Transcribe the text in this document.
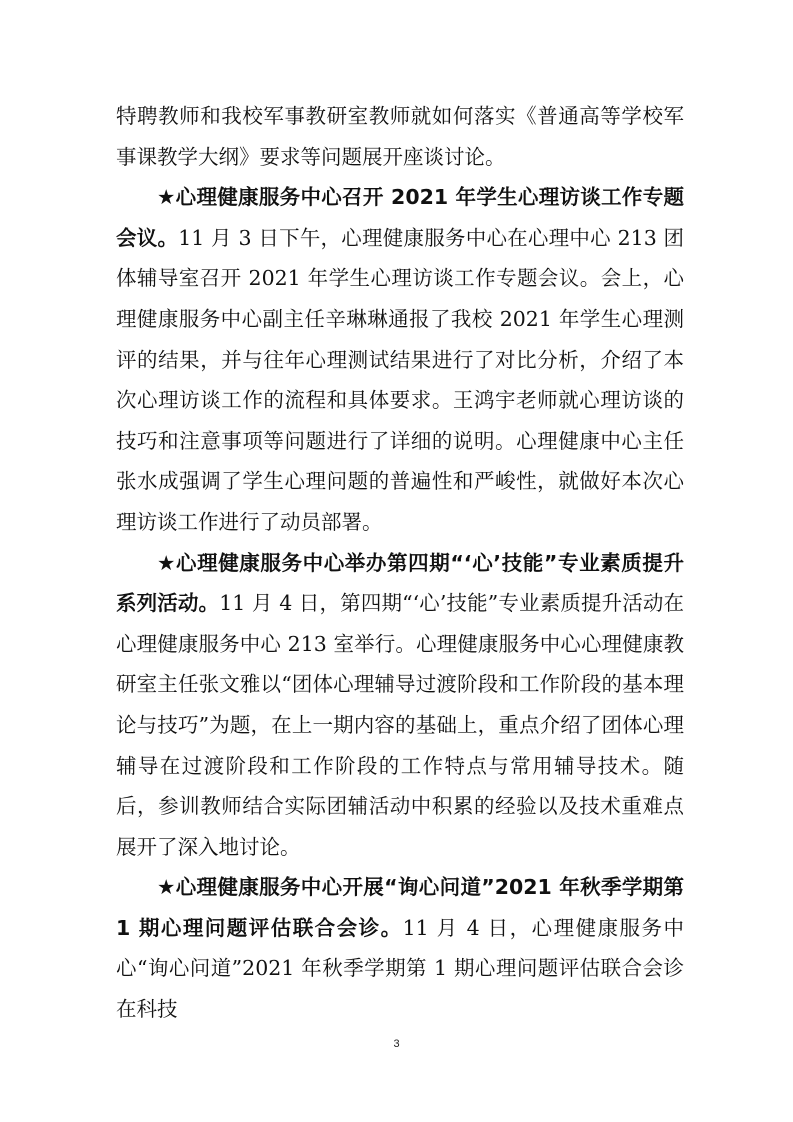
特聘教师和我校军事教研室教师就如何落实《普通高等学校军事课教学大纲》要求等问题展开座谈讨论。

★心理健康服务中心召开 2021 年学生心理访谈工作专题会议。11 月 3 日下午，心理健康服务中心在心理中心 213 团体辅导室召开 2021 年学生心理访谈工作专题会议。会上，心理健康服务中心副主任辛琳琳通报了我校 2021 年学生心理测评的结果，并与往年心理测试结果进行了对比分析，介绍了本次心理访谈工作的流程和具体要求。王鸿宇老师就心理访谈的技巧和注意事项等问题进行了详细的说明。心理健康中心主任张水成强调了学生心理问题的普遍性和严峻性，就做好本次心理访谈工作进行了动员部署。

★心理健康服务中心举办第四期“‘心’技能”专业素质提升系列活动。11 月 4 日，第四期“‘心’技能”专业素质提升活动在心理健康服务中心 213 室举行。心理健康服务中心心理健康教研室主任张文雅以“团体心理辅导过渡阶段和工作阶段的基本理论与技巧”为题，在上一期内容的基础上，重点介绍了团体心理辅导在过渡阶段和工作阶段的工作特点与常用辅导技术。随后，参训教师结合实际团辅活动中积累的经验以及技术重难点展开了深入地讨论。

★心理健康服务中心开展“询心问道”2021 年秋季学期第 1 期心理问题评估联合会诊。11 月 4 日，心理健康服务中心“询心问道”2021 年秋季学期第 1 期心理问题评估联合会诊在科技

3
